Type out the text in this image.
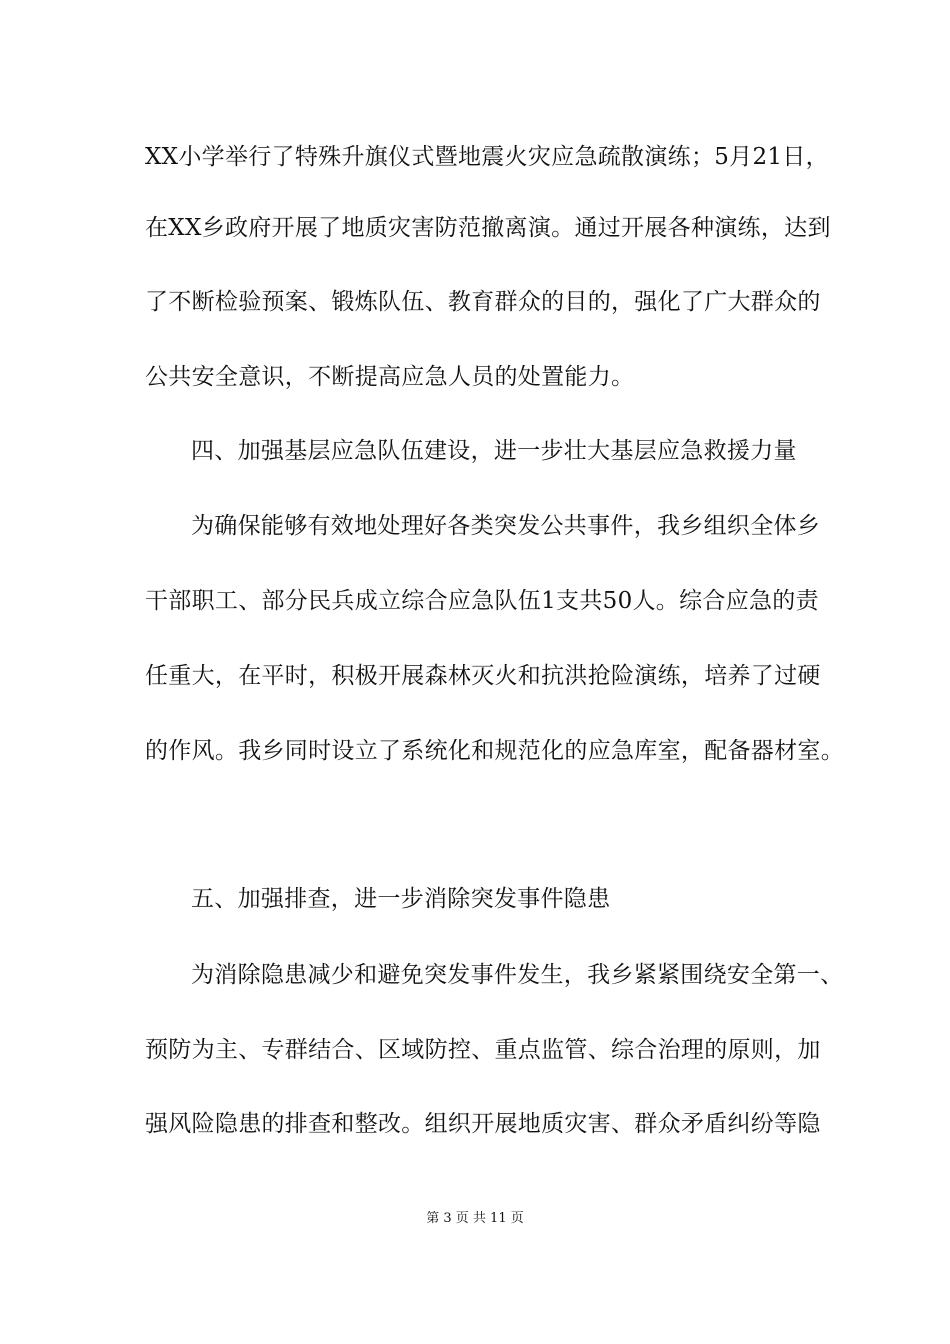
XX小学举行了特殊升旗仪式暨地震火灾应急疏散演练；5月21日，
在XX乡政府开展了地质灾害防范撤离演。通过开展各种演练，达到
了不断检验预案、锻炼队伍、教育群众的目的，强化了广大群众的
公共安全意识，不断提高应急人员的处置能力。
四、加强基层应急队伍建设，进一步壮大基层应急救援力量
为确保能够有效地处理好各类突发公共事件，我乡组织全体乡
干部职工、部分民兵成立综合应急队伍1支共50人。综合应急的责
任重大，在平时，积极开展森林灭火和抗洪抢险演练，培养了过硬
的作风。我乡同时设立了系统化和规范化的应急库室，配备器材室。
五、加强排查，进一步消除突发事件隐患
为消除隐患减少和避免突发事件发生，我乡紧紧围绕安全第一、
预防为主、专群结合、区域防控、重点监管、综合治理的原则，加
强风险隐患的排查和整改。组织开展地质灾害、群众矛盾纠纷等隐
第 3 页 共 11 页
